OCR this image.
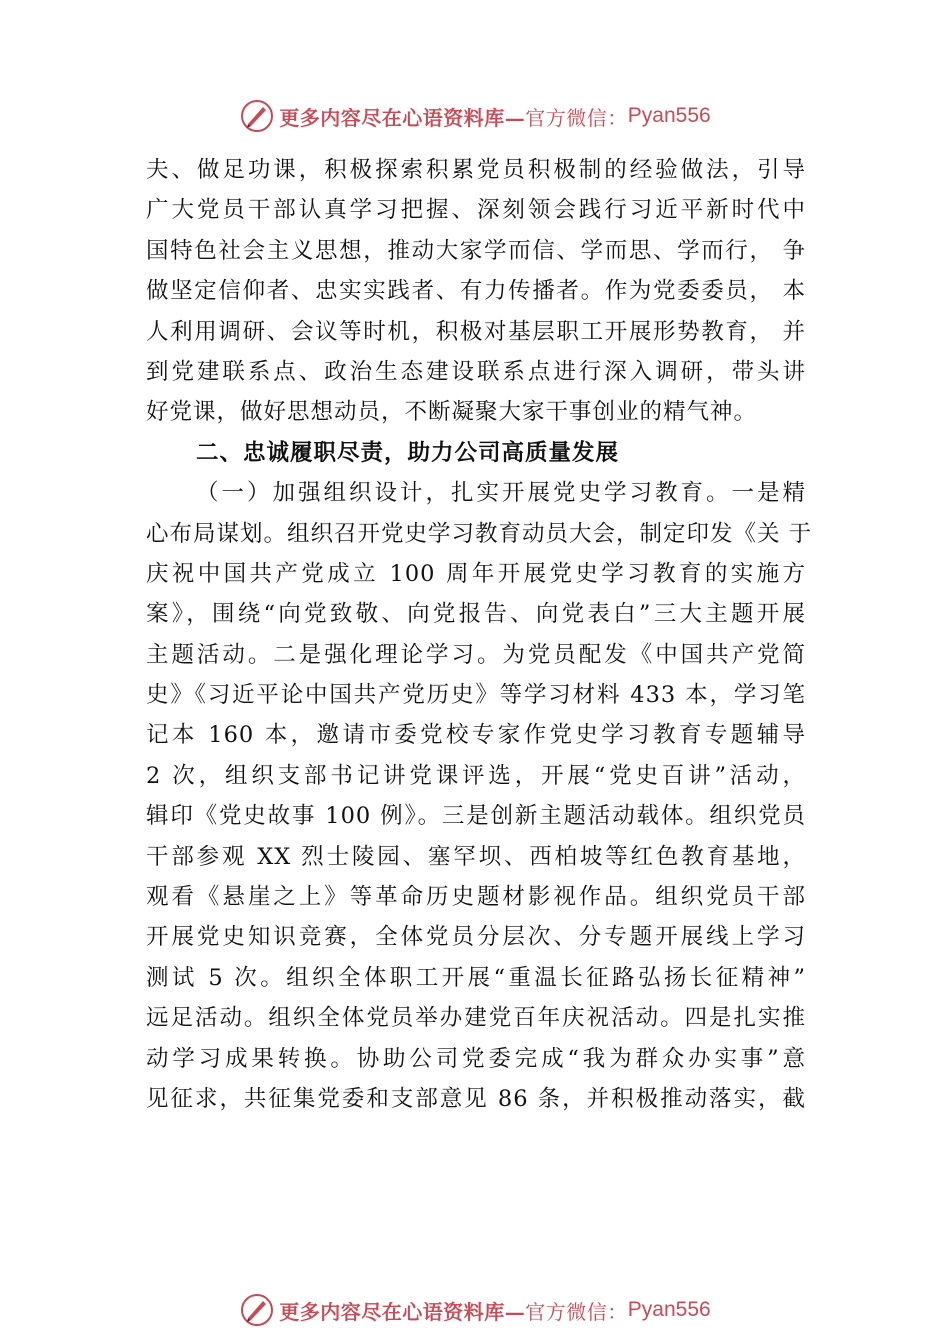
更多内容尽在心语资料库— 官方微信： Pyan556
夫、做足功课，积极探索积累党员积极制的经验做法，引导
广大党员干部认真学习把握、深刻领会践行习近平新时代中
国特色社会主义思想，推动大家学而信、学而思、学而行， 争
做坚定信仰者、忠实实践者、有力传播者。作为党委委员， 本
人利用调研、会议等时机，积极对基层职工开展形势教育， 并
到党建联系点、政治生态建设联系点进行深入调研，带头讲
好党课，做好思想动员，不断凝聚大家干事创业的精气神。
二、忠诚履职尽责，助力公司高质量发展
（一）加强组织设计，扎实开展党史学习教育。一是精
心布局谋划。组织召开党史学习教育动员大会，制定印发《关 于
庆祝中国共产党成立 100 周年开展党史学习教育的实施方
案》，围绕“向党致敬、向党报告、向党表白”三大主题开展
主题活动。二是强化理论学习。为党员配发《中国共产党简
史》《习近平论中国共产党历史》等学习材料 433 本，学习笔
记本 160 本，邀请市委党校专家作党史学习教育专题辅导
2 次，组织支部书记讲党课评选，开展“党史百讲”活动，
辑印《党史故事 100 例》。三是创新主题活动载体。组织党员
干部参观 XX 烈士陵园、塞罕坝、西柏坡等红色教育基地，
观看《悬崖之上》等革命历史题材影视作品。组织党员干部
开展党史知识竞赛，全体党员分层次、分专题开展线上学习
测试 5 次。组织全体职工开展“重温长征路弘扬长征精神”
远足活动。组织全体党员举办建党百年庆祝活动。四是扎实推
动学习成果转换。协助公司党委完成“我为群众办实事”意
见征求，共征集党委和支部意见 86 条，并积极推动落实，截
更多内容尽在心语资料库— 官方微信： Pyan556
